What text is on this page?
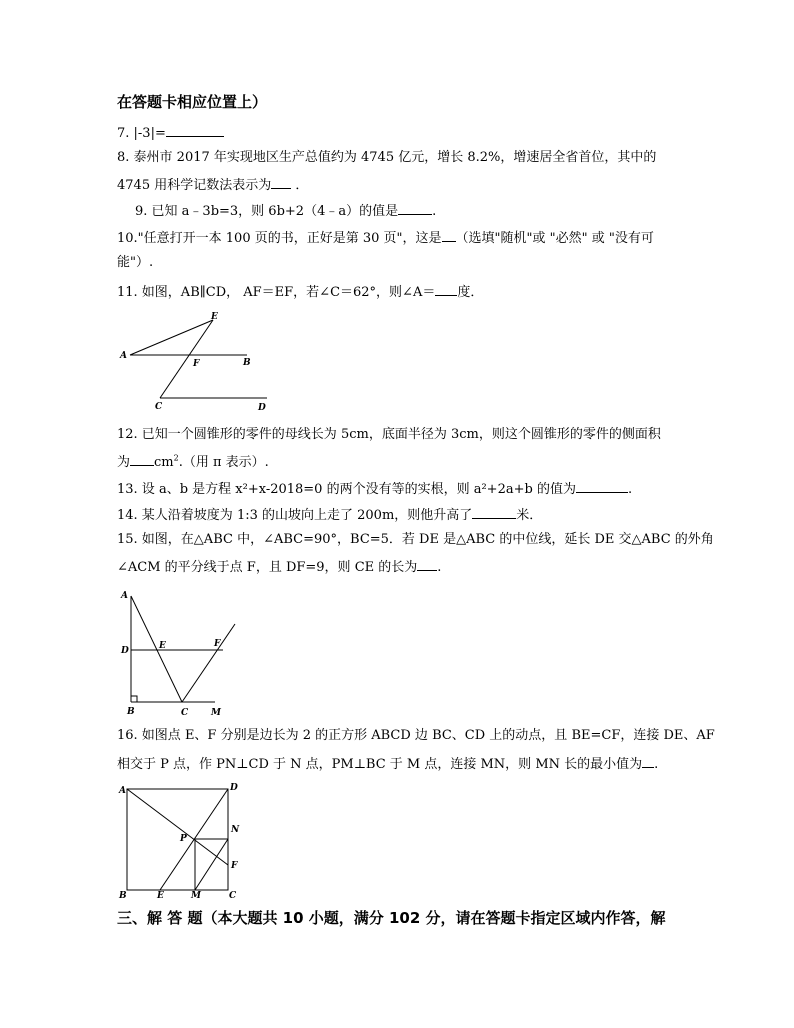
在答题卡相应位置上）
7. |-3|=
8. 泰州市 2017 年实现地区生产总值约为 4745 亿元，增长 8.2%，增速居全省首位，其中的
4745 用科学记数法表示为 ．
9. 已知 a﹣3b=3，则 6b+2（4﹣a）的值是	.
10."任意打开一本 100 页的书，正好是第 30 页"，这是 （选填"随机"或 "必然" 或 "没有可
能"）.
11. 如图，AB∥CD， AF＝EF，若∠C＝62°，则∠A＝ 度．
A
E
F	B
C	D
12. 已知一个圆锥形的零件的母线长为 5cm，底面半径为 3cm，则这个圆锥形的零件的侧面积
为 $cm^2$.（用 π 表示）.
13. 设 a、b 是方程 x²+x-2018=0 的两个没有等的实根，则 a²+2a+b 的值为	.
14. 某人沿着坡度为 1:3 的山坡向上走了 200m，则他升高了	米．
15. 如图，在△ABC 中，∠ABC=90°，BC=5．若 DE 是△ABC 的中位线，延长 DE 交△ABC 的外角
∠ACM 的平分线于点 F，且 DF=9，则 CE 的长为 .
A
D	E	F
B	C	M
16. 如图点 E、F 分别是边长为 2 的正方形 ABCD 边 BC、CD 上的动点，且 BE=CF，连接 DE、AF
相交于 P 点，作 PN⊥CD 于 N 点，PM⊥BC 于 M 点，连接 MN，则 MN 长的最小值为 .
A	D
P
N
F
B	E	M	C
三、解 答 题（本大题共 10 小题，满分 102 分，请在答题卡指定区域内作答，解
